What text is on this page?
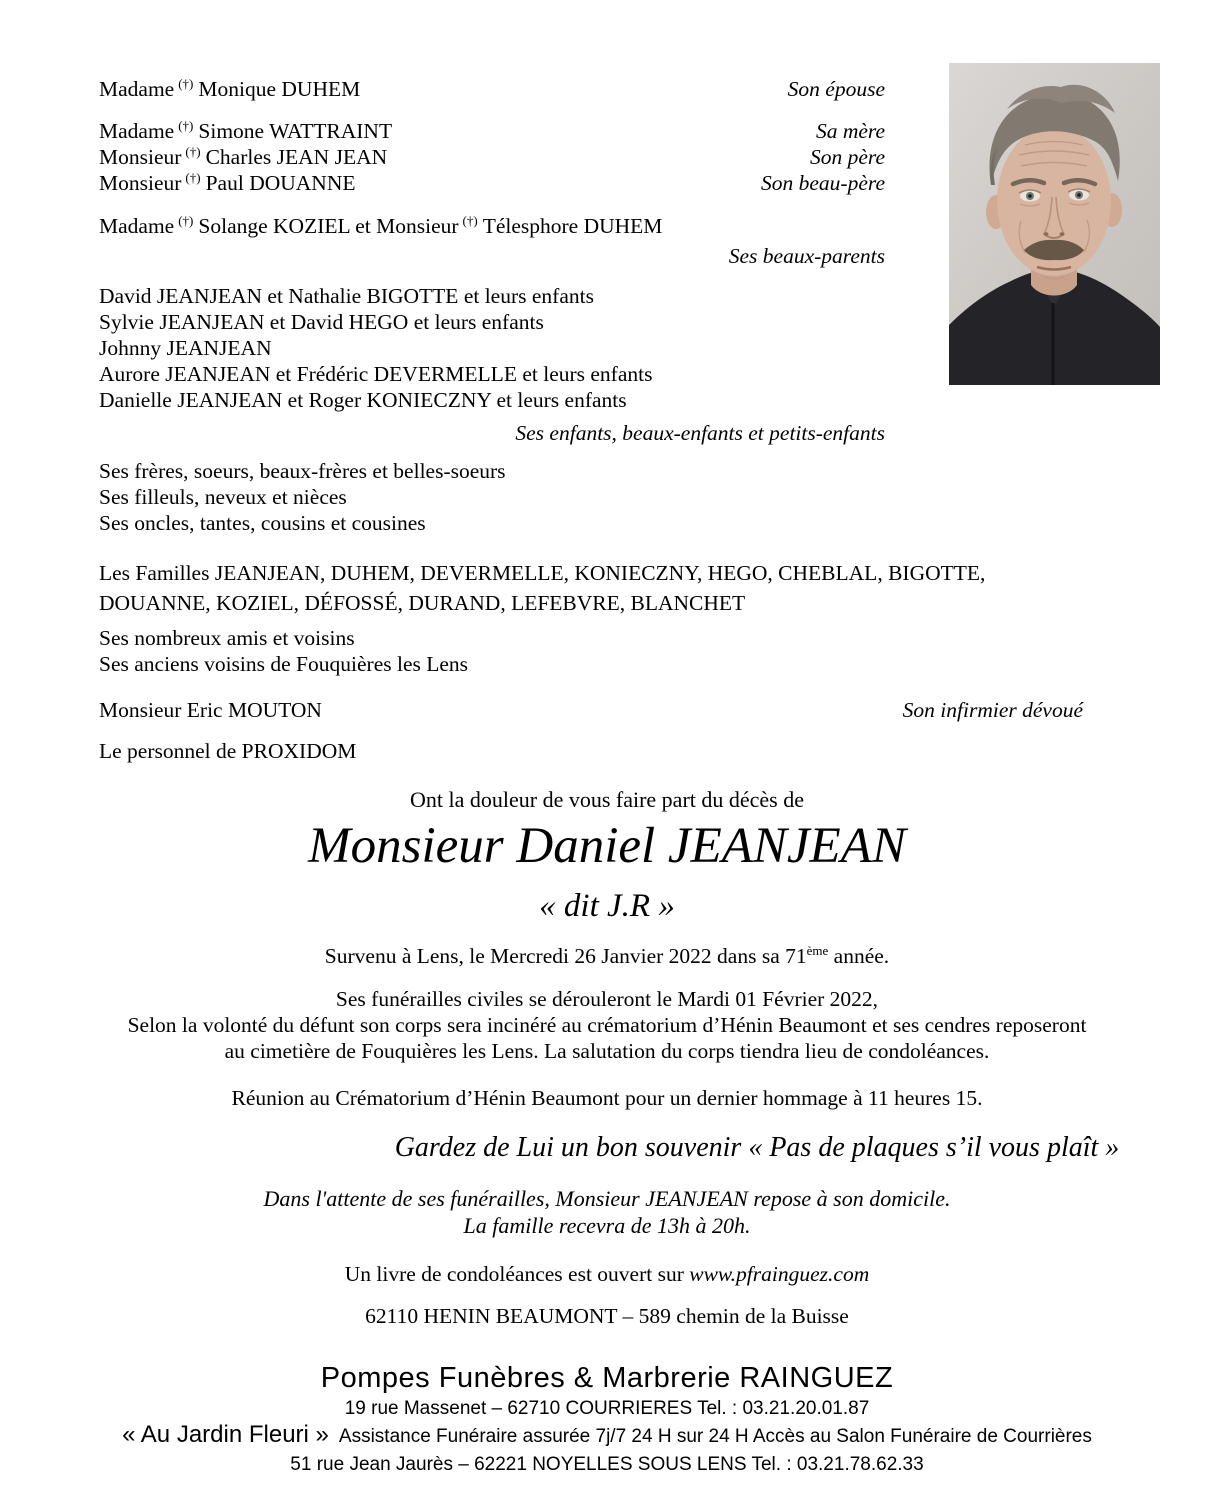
Madame (†) Monique DUHEM	Son épouse
Madame (†) Simone WATTRAINT	Sa mère
Monsieur (†) Charles JEAN JEAN	Son père
Monsieur (†) Paul DOUANNE	Son beau-père
Madame (†) Solange KOZIEL et Monsieur (†) Télesphore DUHEM
Ses beaux-parents
David JEANJEAN et Nathalie BIGOTTE et leurs enfants
Sylvie JEANJEAN et David HEGO et leurs enfants
Johnny JEANJEAN
Aurore JEANJEAN et Frédéric DEVERMELLE et leurs enfants
Danielle JEANJEAN et Roger KONIECZNY et leurs enfants
Ses enfants, beaux-enfants et petits-enfants
Ses frères, soeurs, beaux-frères et belles-soeurs
Ses filleuls, neveux et nièces
Ses oncles, tantes, cousins et cousines
Les Familles JEANJEAN, DUHEM, DEVERMELLE, KONIECZNY, HEGO, CHEBLAL, BIGOTTE,
DOUANNE, KOZIEL, DÉFOSSÉ, DURAND, LEFEBVRE, BLANCHET
Ses nombreux amis et voisins
Ses anciens voisins de Fouquières les Lens
Monsieur Eric MOUTON	Son infirmier dévoué
Le personnel de PROXIDOM
Ont la douleur de vous faire part du décès de
Monsieur Daniel JEANJEAN
« dit J.R »
Survenu à Lens, le Mercredi 26 Janvier 2022 dans sa 71ème année.
Ses funérailles civiles se dérouleront le Mardi 01 Février 2022,
Selon la volonté du défunt son corps sera incinéré au crématorium d’Hénin Beaumont et ses cendres reposeront
au cimetière de Fouquières les Lens. La salutation du corps tiendra lieu de condoléances.
Réunion au Crématorium d’Hénin Beaumont pour un dernier hommage à 11 heures 15.
Gardez de Lui un bon souvenir « Pas de plaques s’il vous plaît »
Dans l'attente de ses funérailles, Monsieur JEANJEAN repose à son domicile.
La famille recevra de 13h à 20h.
Un livre de condoléances est ouvert sur www.pfrainguez.com
62110 HENIN BEAUMONT – 589 chemin de la Buisse
Pompes Funèbres & Marbrerie RAINGUEZ
19 rue Massenet – 62710 COURRIERES Tel. : 03.21.20.01.87
« Au Jardin Fleuri » Assistance Funéraire assurée 7j/7 24 H sur 24 H Accès au Salon Funéraire de Courrières
51 rue Jean Jaurès – 62221 NOYELLES SOUS LENS Tel. : 03.21.78.62.33
